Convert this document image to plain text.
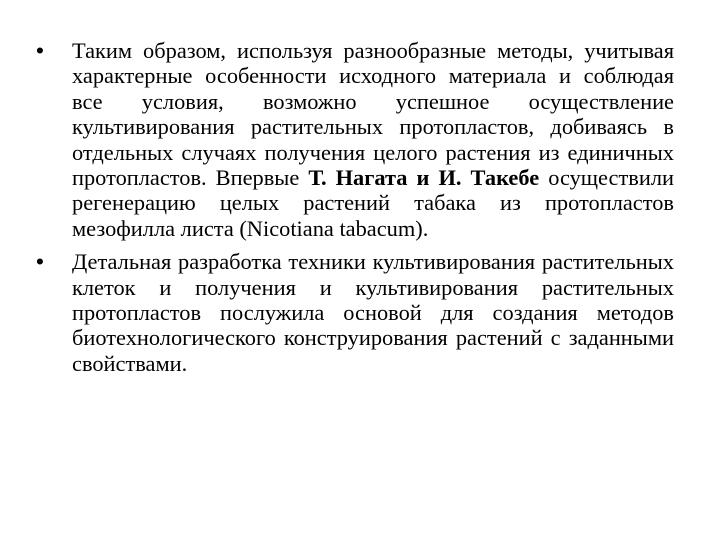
•	Таким образом, используя разнообразные методы, учитывая характерные особенности исходного материала и соблюдая все условия, возможно успешное осуществление культивирования растительных протопластов, добиваясь в отдельных случаях получения целого растения из единичных протопластов. Впервые Т. Нагата и И. Такебе осуществили регенерацию целых растений табака из протопластов мезофилла листа (Nicotiana tabacum).
•	Детальная разработка техники культивирования растительных клеток и получения и культивирования растительных протопластов послужила основой для создания методов биотехнологического конструирования растений с заданными свойствами.
